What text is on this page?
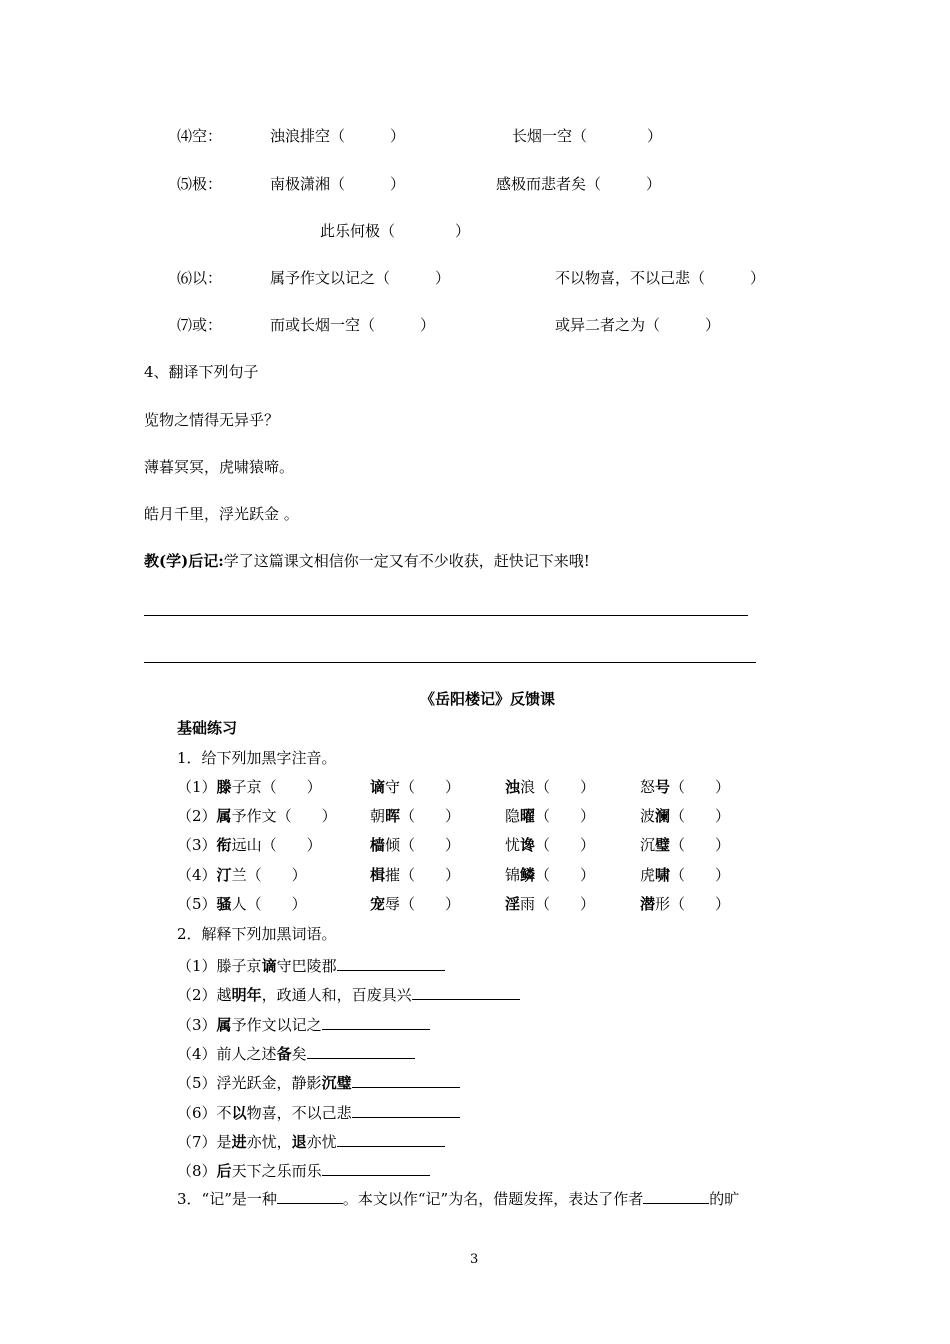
⑷空：	浊浪排空（　　　）	长烟一空（　　　　）
⑸极：	南极潇湘（　　　）	感极而悲者矣（　　　）
此乐何极（　　　　）
⑹以：	属予作文以记之（　　　）	不以物喜，不以己悲（　　　）
⑺或：	而或长烟一空（　　　）	或异二者之为（　　　）
4、翻译下列句子
览物之情得无异乎？
薄暮冥冥，虎啸猿啼。
皓月千里，浮光跃金 。
教(学)后记:学了这篇课文相信你一定又有不少收获，赶快记下来哦!
《岳阳楼记》反馈课
基础练习
1．给下列加黑字注音。
（1）滕子京（　　）	谪守（　　）	浊浪（　　）	怒号（　　）
（2）属予作文（　　） 朝晖（　　）	隐曜（　　）	波澜（　　）
（3）衔远山（　　）	樯倾（　　）	忧谗（　　）	沉璧（　　）
（4）汀兰（　　）	楫摧（　　）	锦鳞（　　）	虎啸（　　）
（5）骚人（　　）	宠辱（　　）	淫雨（　　）	潜形（　　）
2．解释下列加黑词语。
（1）滕子京谪守巴陵郡
（2）越明年，政通人和，百废具兴
（3）属予作文以记之
（4）前人之述备矣
（5）浮光跃金，静影沉璧
（6）不以物喜，不以己悲
（7）是进亦忧，退亦忧
（8）后天下之乐而乐
3．“记”是一种	。本文以作“记”为名，借题发挥，表达了作者	的旷
3
